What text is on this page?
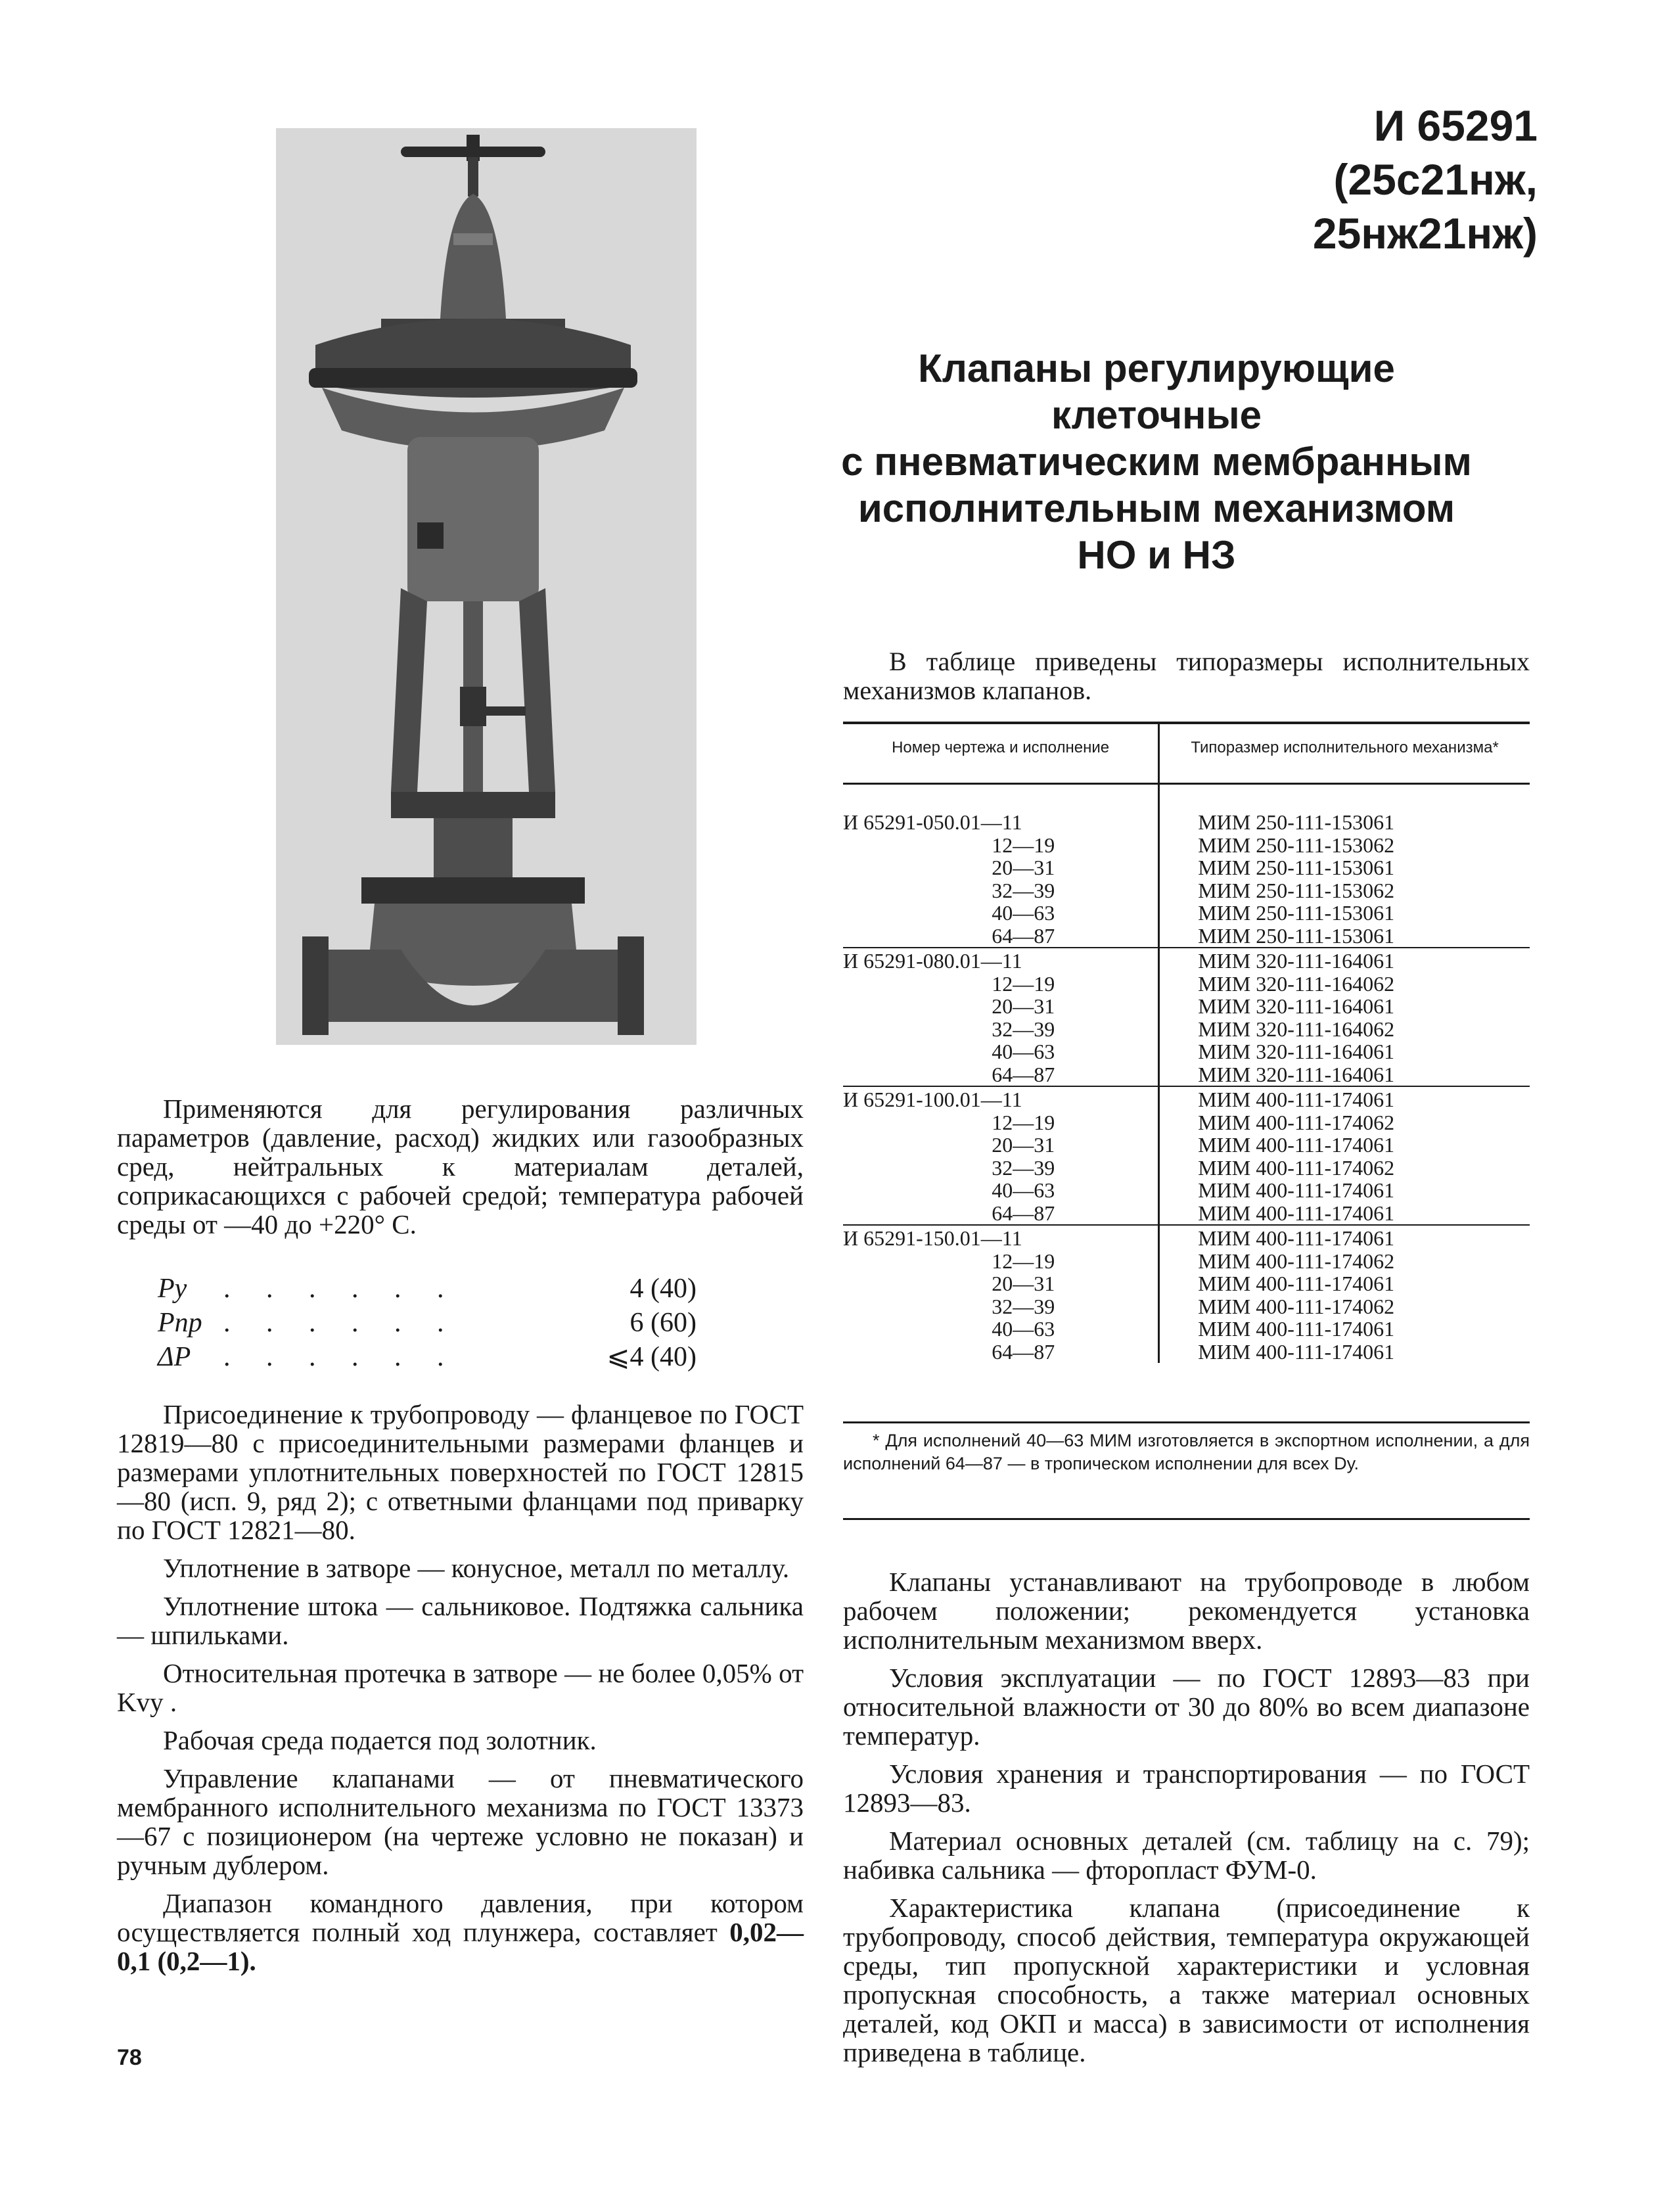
И 65291
(25с21нж,
25нж21нж)
Клапаны регулирующие
клеточные
с пневматическим мембранным
исполнительным механизмом
НО и НЗ

Применяются для регулирования различных параметров (давление, расход) жидких или газообразных сред, нейтральных к материалам деталей, соприкасающихся с рабочей средой; температура рабочей среды от —40 до +220° С.

Pу	. . . . . .	4 (40)
Pпр . . . . . .	6 (60)
ΔP	. . . . . .	⩽4 (40)

Присоединение к трубопроводу — фланцевое по ГОСТ 12819—80 с присоединительными размерами фланцев и размерами уплотнительных поверхностей по ГОСТ 12815—80 (исп. 9, ряд 2); с ответными фланцами под приварку по ГОСТ 12821—80.

Уплотнение в затворе — конусное, металл по металлу.

Уплотнение штока — сальниковое. Подтяжка сальника — шпильками.

Относительная протечка в затворе — не более 0,05% от Kvу .

Рабочая среда подается под золотник.

Управление клапанами — от пневматического мембранного исполнительного механизма по ГОСТ 13373—67 с позиционером (на чертеже условно не показан) и ручным дублером.

Диапазон командного давления, при котором осуществляется полный ход плунжера, составляет 0,02—0,1 (0,2—1).

В таблице приведены типоразмеры исполнительных механизмов клапанов.

Номер чертежа и исполнение	Типоразмер исполнительного механизма*

И 65291-050.01—11	МИМ 250-111-153061

12—19	МИМ 250-111-153062

20—31	МИМ 250-111-153061

32—39	МИМ 250-111-153062

40—63	МИМ 250-111-153061

64—87	МИМ 250-111-153061

И 65291-080.01—11	МИМ 320-111-164061

12—19	МИМ 320-111-164062

20—31	МИМ 320-111-164061

32—39	МИМ 320-111-164062

40—63	МИМ 320-111-164061

64—87	МИМ 320-111-164061

И 65291-100.01—11	МИМ 400-111-174061

12—19	МИМ 400-111-174062

20—31	МИМ 400-111-174061

32—39	МИМ 400-111-174062

40—63	МИМ 400-111-174061

64—87	МИМ 400-111-174061

И 65291-150.01—11	МИМ 400-111-174061

12—19	МИМ 400-111-174062

20—31	МИМ 400-111-174061

32—39	МИМ 400-111-174062

40—63	МИМ 400-111-174061

64—87	МИМ 400-111-174061

* Для исполнений 40—63 МИМ изготовляется в экспортном исполнении, а для исполнений 64—87 — в тропическом исполнении для всех Dу.

Клапаны устанавливают на трубопроводе в любом рабочем положении; рекомендуется установка исполнительным механизмом вверх.

Условия эксплуатации — по ГОСТ 12893—83 при относительной влажности от 30 до 80% во всем диапазоне температур.

Условия хранения и транспортирования — по ГОСТ 12893—83.

Материал основных деталей (см. таблицу на с. 79); набивка сальника — фторопласт ФУМ-0.

Характеристика клапана (присоединение к трубопроводу, способ действия, температура окружающей среды, тип пропускной характеристики и условная пропускная способность, а также материал основных деталей, код ОКП и масса) в зависимости от исполнения приведена в таблице.

78
